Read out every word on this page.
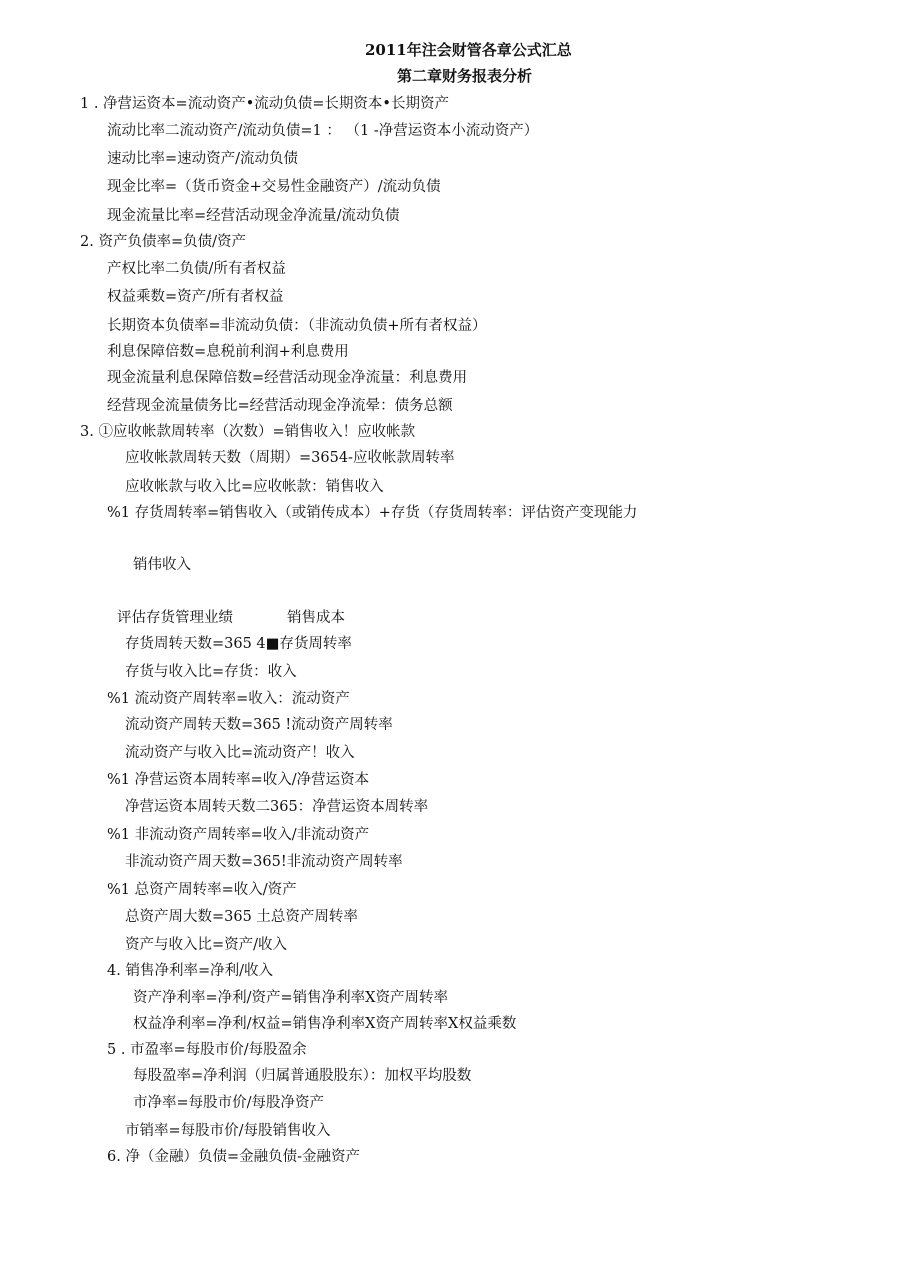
2011年注会财管各章公式汇总
第二章财务报表分析
1 . 净营运资本=流动资产•流动负债=长期资本•长期资产
流动比率二流动资产/流动负债=1 ： （1 -净营运资本小流动资产）
速动比率=速动资产/流动负债
现金比率=（货币资金+交易性金融资产）/流动负债
现金流量比率=经营活动现金净流量/流动负债
2. 资产负债率=负债/资产
产权比率二负债/所有者权益
权益乘数=资产/所有者权益
长期资本负债率=非流动负债：（非流动负债+所有者权益）
利息保障倍数=息税前利润+利息费用
现金流量利息保障倍数=经营活动现金净流量：利息费用
经营现金流量债务比=经营活动现金净流晕：债务总额
3. ①应收帐款周转率（次数）=销售收入！应收帐款
应收帐款周转天数（周期）=3654-应收帐款周转率
应收帐款与收入比=应收帐款：销售收入
%1 存货周转率=销售收入（或销传成本）+存货（存货周转率：评估资产变现能力
销伟收入
评估存货管理业绩	销售成本
存货周转天数=365 4■存货周转率
存货与收入比=存货：收入
%1 流动资产周转率=收入：流动资产
流动资产周转天数=365 !流动资产周转率
流动资产与收入比=流动资产！收入
%1 净营运资本周转率=收入/净营运资本
净营运资本周转天数二365：净营运资本周转率
%1 非流动资产周转率=收入/非流动资产
非流动资产周天数=365!非流动资产周转率
%1 总资产周转率=收入/资产
总资产周大数=365 土总资产周转率
资产与收入比=资产/收入
4. 销售净利率=净利/收入
资产净利率=净利/资产=销售净利率X资产周转率
权益净利率=净利/权益=销售净利率X资产周转率X权益乘数
5 . 市盈率=每股市价/每股盈余
每股盈率=净利润（归属普通股股东）：加权平均股数
市净率=每股市价/每股净资产
市销率=每股市价/每股销售收入
6. 净（金融）负债=金融负债-金融资产
